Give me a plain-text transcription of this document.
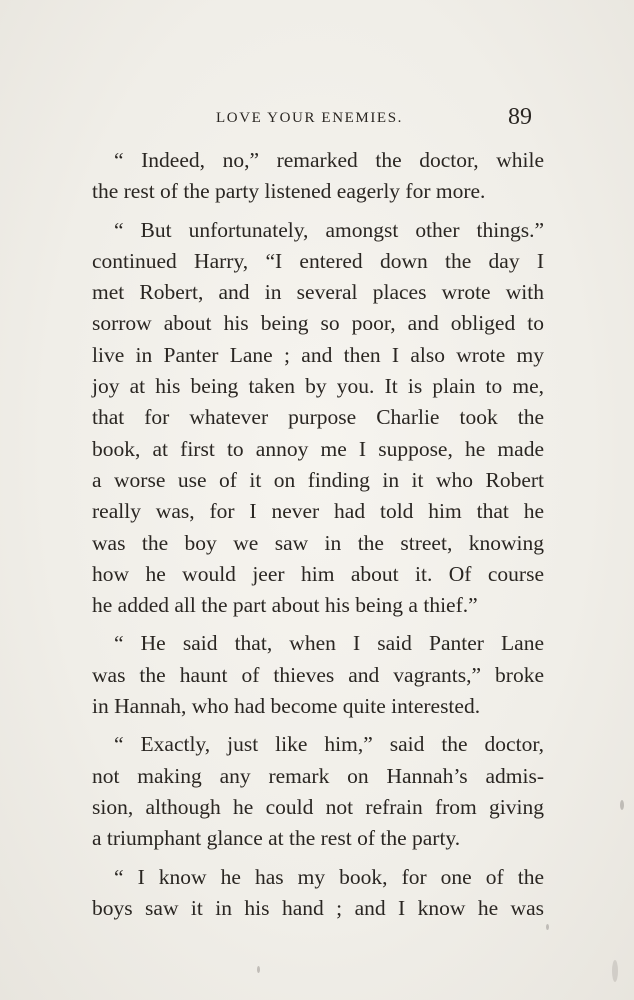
LOVE YOUR ENEMIES.	89
“ Indeed, no,” remarked the doctor, while
the rest of the party listened eagerly for more.
“ But unfortunately, amongst other things.”
continued Harry, “I entered down the day I
met Robert, and in several places wrote with
sorrow about his being so poor, and obliged to
live in Panter Lane ; and then I also wrote my
joy at his being taken by you. It is plain to me,
that for whatever purpose Charlie took the
book, at first to annoy me I suppose, he made
a worse use of it on finding in it who Robert
really was, for I never had told him that he
was the boy we saw in the street, knowing
how he would jeer him about it. Of course
he added all the part about his being a thief.”
“ He said that, when I said Panter Lane
was the haunt of thieves and vagrants,” broke
in Hannah, who had become quite interested.
“ Exactly, just like him,” said the doctor,
not making any remark on Hannah’s admis-
sion, although he could not refrain from giving
a triumphant glance at the rest of the party.
“ I know he has my book, for one of the
boys saw it in his hand ; and I know he was
